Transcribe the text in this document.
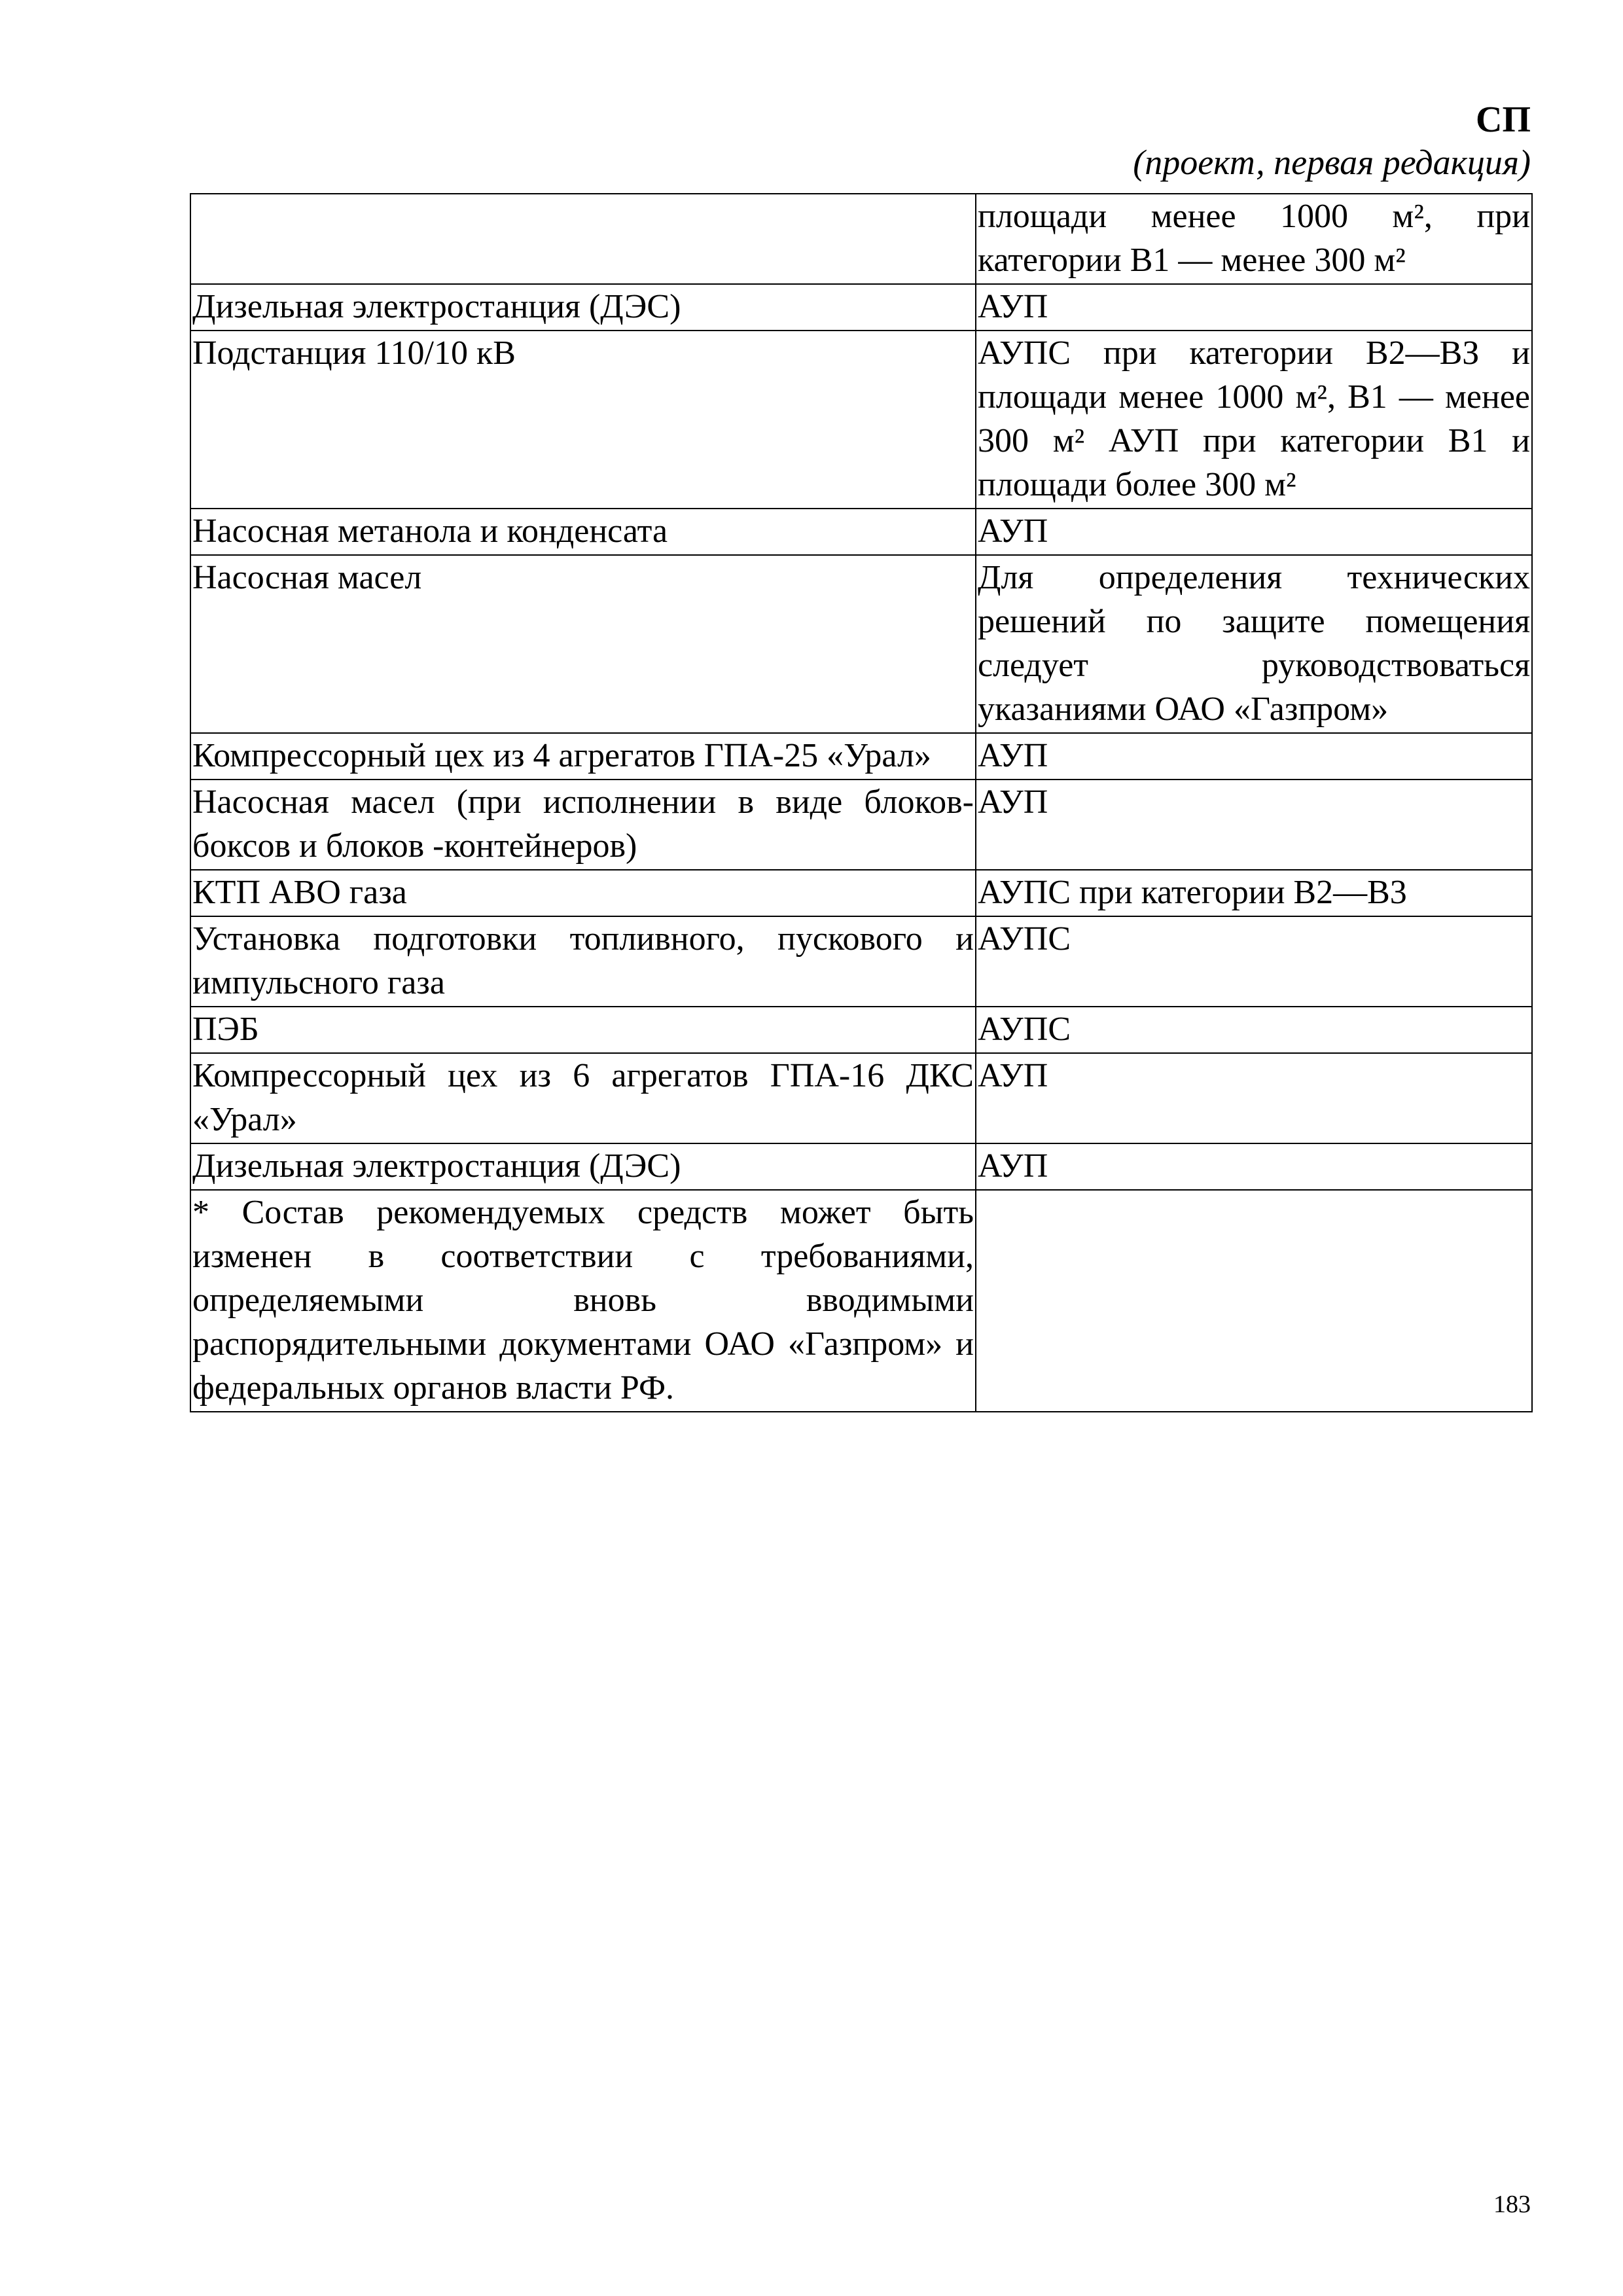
СП
(проект, первая редакция)
	площади менее 1000 м², при категории В1 — менее 300 м²
Дизельная электростанция (ДЭС)	АУП
Подстанция 110/10 кВ	АУПС при категории В2—ВЗ и площади менее 1000 м², В1 — менее 300 м² АУП при категории В1 и площади более 300 м²
Насосная метанола и конденсата	АУП
Насосная масел	Для определения технических решений по защите помещения следует руководствоваться указаниями ОАО «Газпром»
Компрессорный цех из 4 агрегатов ГПА-25 «Урал»	АУП
Насосная масел (при исполнении в виде блоков-боксов и блоков -контейнеров)	АУП
КТП АВО газа	АУПС при категории В2—В3
Установка подготовки топливного, пускового и импульсного газа	АУПС
ПЭБ	АУПС
Компрессорный цех из 6 агрегатов ГПА-16 ДКС «Урал»	АУП
Дизельная электростанция (ДЭС)	АУП
* Состав рекомендуемых средств может быть изменен в соответствии с требованиями, определяемыми вновь вводимыми распорядительными документами ОАО «Газпром» и федеральных органов власти РФ.	
183
